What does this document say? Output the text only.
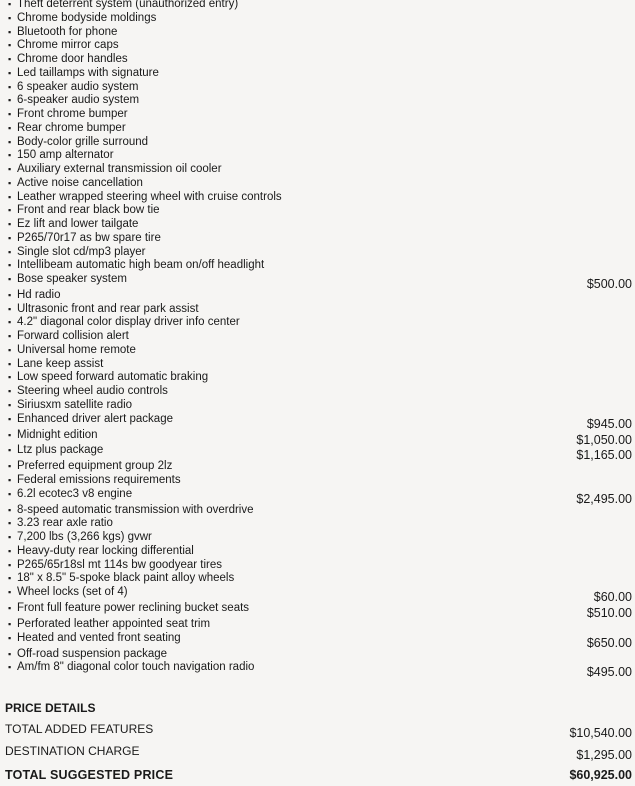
▪ Theft deterrent system (unauthorized entry)
▪ Chrome bodyside moldings
▪ Bluetooth for phone
▪ Chrome mirror caps
▪ Chrome door handles
▪ Led taillamps with signature
▪ 6 speaker audio system
▪ 6-speaker audio system
▪ Front chrome bumper
▪ Rear chrome bumper
▪ Body-color grille surround
▪ 150 amp alternator
▪ Auxiliary external transmission oil cooler
▪ Active noise cancellation
▪ Leather wrapped steering wheel with cruise controls
▪ Front and rear black bow tie
▪ Ez lift and lower tailgate
▪ P265/70r17 as bw spare tire
▪ Single slot cd/mp3 player
▪ Intellibeam automatic high beam on/off headlight
▪ Bose speaker system	$500.00
▪ Hd radio
▪ Ultrasonic front and rear park assist
▪ 4.2" diagonal color display driver info center
▪ Forward collision alert
▪ Universal home remote
▪ Lane keep assist
▪ Low speed forward automatic braking
▪ Steering wheel audio controls
▪ Siriusxm satellite radio
▪ Enhanced driver alert package	$945.00
▪ Midnight edition	$1,050.00
▪ Ltz plus package	$1,165.00
▪ Preferred equipment group 2lz
▪ Federal emissions requirements
▪ 6.2l ecotec3 v8 engine	$2,495.00
▪ 8-speed automatic transmission with overdrive
▪ 3.23 rear axle ratio
▪ 7,200 lbs (3,266 kgs) gvwr
▪ Heavy-duty rear locking differential
▪ P265/65r18sl mt 114s bw goodyear tires
▪ 18" x 8.5" 5-spoke black paint alloy wheels
▪ Wheel locks (set of 4)	$60.00
▪ Front full feature power reclining bucket seats	$510.00
▪ Perforated leather appointed seat trim
▪ Heated and vented front seating	$650.00
▪ Off-road suspension package
▪ Am/fm 8" diagonal color touch navigation radio	$495.00
PRICE DETAILS
TOTAL ADDED FEATURES	$10,540.00
DESTINATION CHARGE	$1,295.00
TOTAL SUGGESTED PRICE	$60,925.00
